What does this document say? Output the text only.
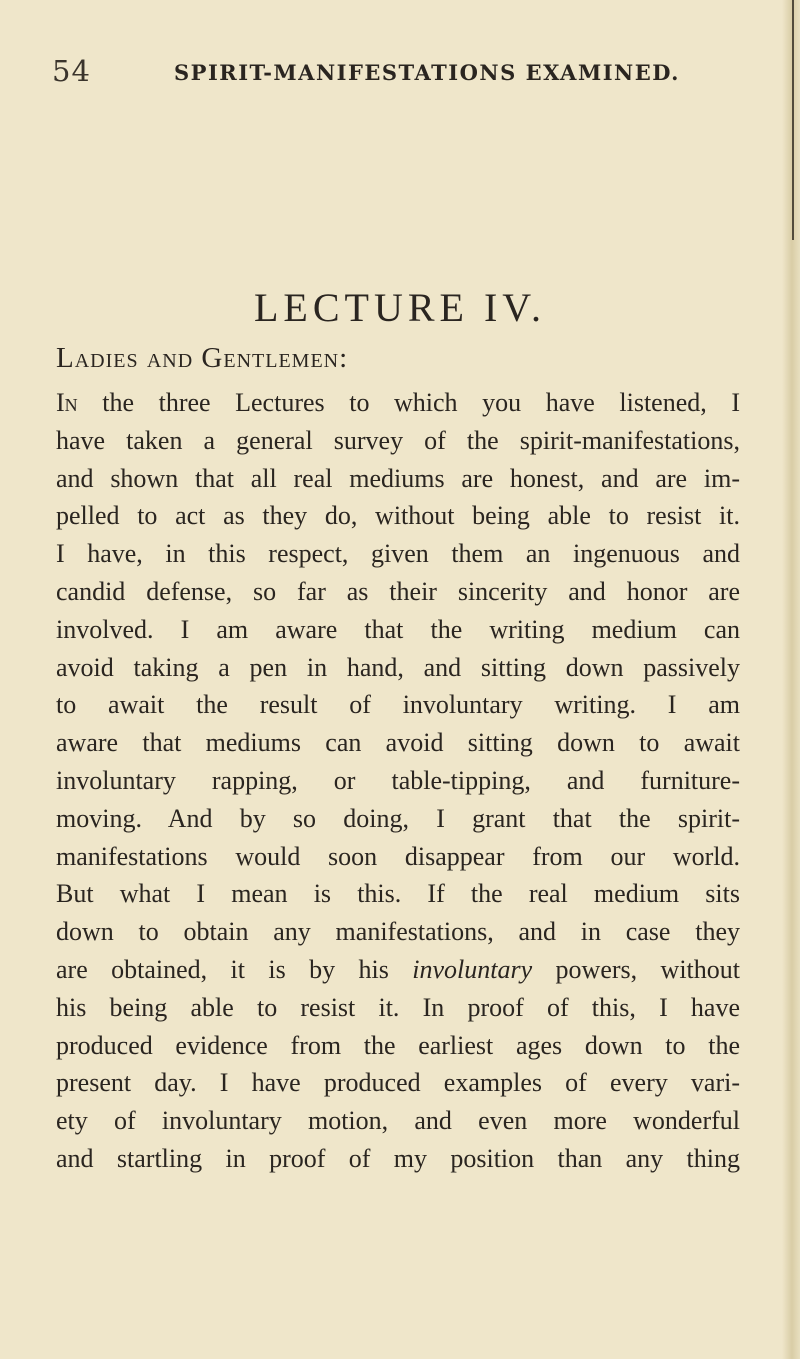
54	SPIRIT-MANIFESTATIONS EXAMINED.
LECTURE IV.
Ladies and Gentlemen:
In the three Lectures to which you have listened, I
have taken a general survey of the spirit-manifestations,
and shown that all real mediums are honest, and are im-
pelled to act as they do, without being able to resist it.
I have, in this respect, given them an ingenuous and
candid defense, so far as their sincerity and honor are
involved. I am aware that the writing medium can
avoid taking a pen in hand, and sitting down passively
to await the result of involuntary writing. I am
aware that mediums can avoid sitting down to await
involuntary rapping, or table-tipping, and furniture-
moving. And by so doing, I grant that the spirit-
manifestations would soon disappear from our world.
But what I mean is this. If the real medium sits
down to obtain any manifestations, and in case they
are obtained, it is by his involuntary powers, without
his being able to resist it. In proof of this, I have
produced evidence from the earliest ages down to the
present day. I have produced examples of every vari-
ety of involuntary motion, and even more wonderful
and startling in proof of my position than any thing
